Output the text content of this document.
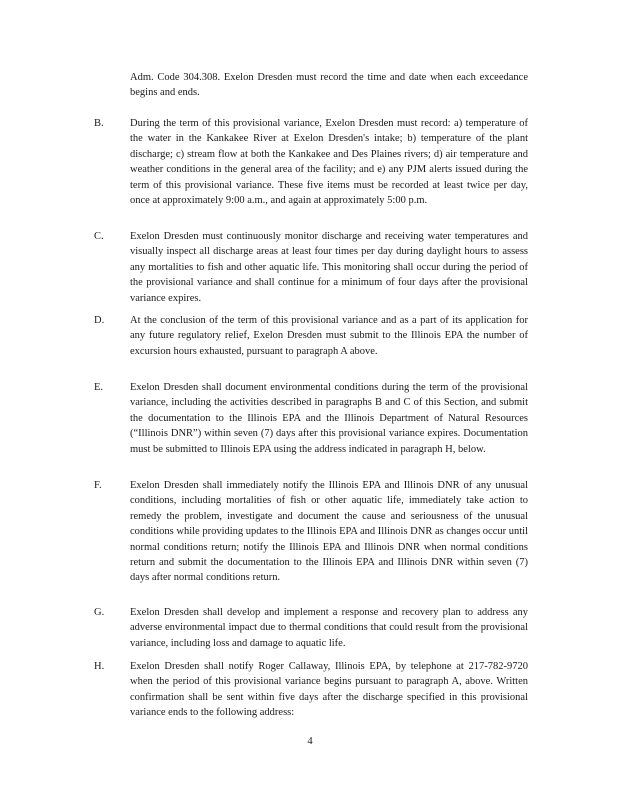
Adm. Code 304.308. Exelon Dresden must record the time and date when each exceedance begins and ends.
B.	During the term of this provisional variance, Exelon Dresden must record: a) temperature of the water in the Kankakee River at Exelon Dresden's intake; b) temperature of the plant discharge; c) stream flow at both the Kankakee and Des Plaines rivers; d) air temperature and weather conditions in the general area of the facility; and e) any PJM alerts issued during the term of this provisional variance. These five items must be recorded at least twice per day, once at approximately 9:00 a.m., and again at approximately 5:00 p.m.
C.	Exelon Dresden must continuously monitor discharge and receiving water temperatures and visually inspect all discharge areas at least four times per day during daylight hours to assess any mortalities to fish and other aquatic life. This monitoring shall occur during the period of the provisional variance and shall continue for a minimum of four days after the provisional variance expires.
D. At the conclusion of the term of this provisional variance and as a part of its application for any future regulatory relief, Exelon Dresden must submit to the Illinois EPA the number of excursion hours exhausted, pursuant to paragraph A above.
E.	Exelon Dresden shall document environmental conditions during the term of the provisional variance, including the activities described in paragraphs B and C of this Section, and submit the documentation to the Illinois EPA and the Illinois Department of Natural Resources (“Illinois DNR”) within seven (7) days after this provisional variance expires. Documentation must be submitted to Illinois EPA using the address indicated in paragraph H, below.
F.	Exelon Dresden shall immediately notify the Illinois EPA and Illinois DNR of any unusual conditions, including mortalities of fish or other aquatic life, immediately take action to remedy the problem, investigate and document the cause and seriousness of the unusual conditions while providing updates to the Illinois EPA and Illinois DNR as changes occur until normal conditions return; notify the Illinois EPA and Illinois DNR when normal conditions return and submit the documentation to the Illinois EPA and Illinois DNR within seven (7) days after normal conditions return.
G. Exelon Dresden shall develop and implement a response and recovery plan to address any adverse environmental impact due to thermal conditions that could result from the provisional variance, including loss and damage to aquatic life.
H. Exelon Dresden shall notify Roger Callaway, Illinois EPA, by telephone at 217-782-9720 when the period of this provisional variance begins pursuant to paragraph A, above. Written confirmation shall be sent within five days after the discharge specified in this provisional variance ends to the following address:
4
